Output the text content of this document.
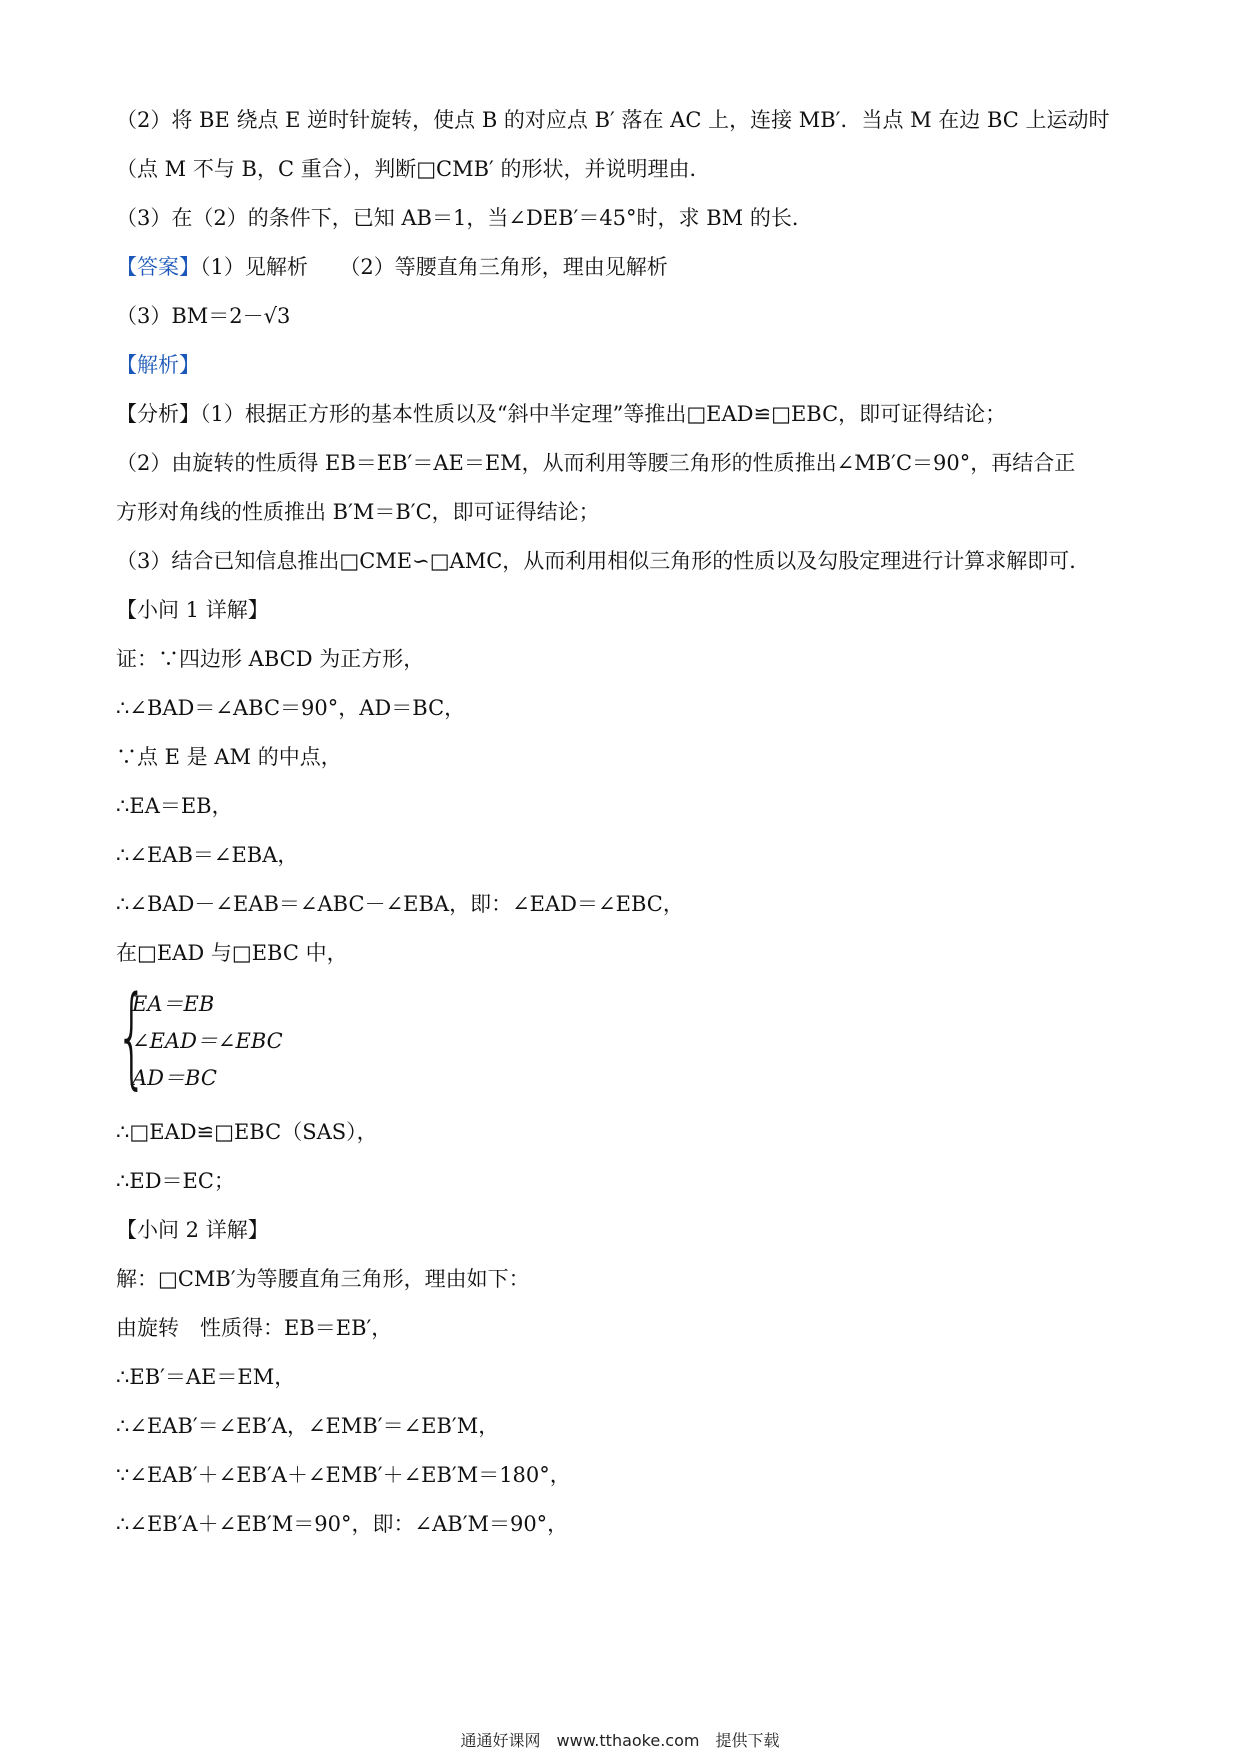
（2）将 BE 绕点 E 逆时针旋转，使点 B 的对应点 B′ 落在 AC 上，连接 MB′．当点 M 在边 BC 上运动时

（点 M 不与 B，C 重合），判断□CMB′ 的形状，并说明理由．

（3）在（2）的条件下，已知 AB＝1，当∠DEB′＝45°时，求 BM 的长．

【答案】（1）见解析　　（2）等腰直角三角形，理由见解析

（3）BM＝2－√3

【解析】

【分析】（1）根据正方形的基本性质以及“斜中半定理”等推出□EAD≌□EBC，即可证得结论；

（2）由旋转的性质得 EB＝EB′＝AE＝EM，从而利用等腰三角形的性质推出∠MB′C＝90°，再结合正

方形对角线的性质推出 B′M＝B′C，即可证得结论；

（3）结合已知信息推出□CME∽□AMC，从而利用相似三角形的性质以及勾股定理进行计算求解即可．

【小问 1 详解】

证：∵四边形 ABCD 为正方形，

∴∠BAD＝∠ABC＝90°，AD＝BC，

∵点 E 是 AM 的中点，

∴EA＝EB，

∴∠EAB＝∠EBA，

∴∠BAD－∠EAB＝∠ABC－∠EBA，即：∠EAD＝∠EBC，

在□EAD 与□EBC 中，

{
EA＝EB
∠EAD＝∠EBC
AD＝BC

∴□EAD≌□EBC（SAS），

∴ED＝EC；

【小问 2 详解】

解：□CMB′为等腰直角三角形，理由如下：

由旋转　性质得：EB＝EB′，

∴EB′＝AE＝EM，

∴∠EAB′＝∠EB′A，∠EMB′＝∠EB′M，

∵∠EAB′＋∠EB′A＋∠EMB′＋∠EB′M＝180°，

∴∠EB′A＋∠EB′M＝90°，即：∠AB′M＝90°，

通通好课网　www.tthaoke.com　提供下载
